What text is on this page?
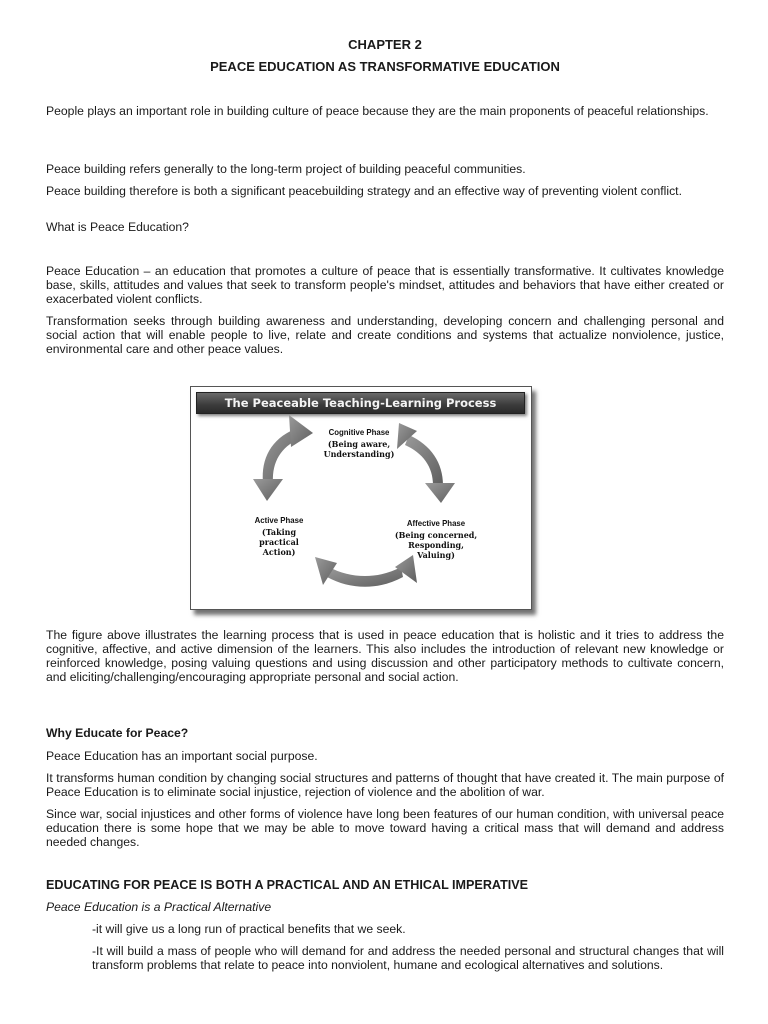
CHAPTER 2
PEACE EDUCATION AS TRANSFORMATIVE EDUCATION

People plays an important role in building culture of peace because they are the main proponents of peaceful relationships.

Peace building refers generally to the long-term project of building peaceful communities.

Peace building therefore is both a significant peacebuilding strategy and an effective way of preventing violent conflict.

What is Peace Education?

Peace Education – an education that promotes a culture of peace that is essentially transformative. It cultivates knowledge base, skills, attitudes and values that seek to transform people's mindset, attitudes and behaviors that have either created or exacerbated violent conflicts.

Transformation seeks through building awareness and understanding, developing concern and challenging personal and social action that will enable people to live, relate and create conditions and systems that actualize nonviolence, justice, environmental care and other peace values.

The figure above illustrates the learning process that is used in peace education that is holistic and it tries to address the cognitive, affective, and active dimension of the learners. This also includes the introduction of relevant new knowledge or reinforced knowledge, posing valuing questions and using discussion and other participatory methods to cultivate concern, and eliciting/challenging/encouraging appropriate personal and social action.

Why Educate for Peace?

Peace Education has an important social purpose.

It transforms human condition by changing social structures and patterns of thought that have created it. The main purpose of Peace Education is to eliminate social injustice, rejection of violence and the abolition of war.

Since war, social injustices and other forms of violence have long been features of our human condition, with universal peace education there is some hope that we may be able to move toward having a critical mass that will demand and address needed changes.

EDUCATING FOR PEACE IS BOTH A PRACTICAL AND AN ETHICAL IMPERATIVE

Peace Education is a Practical Alternative

-it will give us a long run of practical benefits that we seek.

-It will build a mass of people who will demand for and address the needed personal and structural changes that will transform problems that relate to peace into nonviolent, humane and ecological alternatives and solutions.

The Peaceable Teaching-Learning Process
Cognitive Phase
(Being aware,
Understanding)
Affective Phase
(Being concerned,
Responding,
Valuing)
Active Phase
(Taking
practical
Action)
